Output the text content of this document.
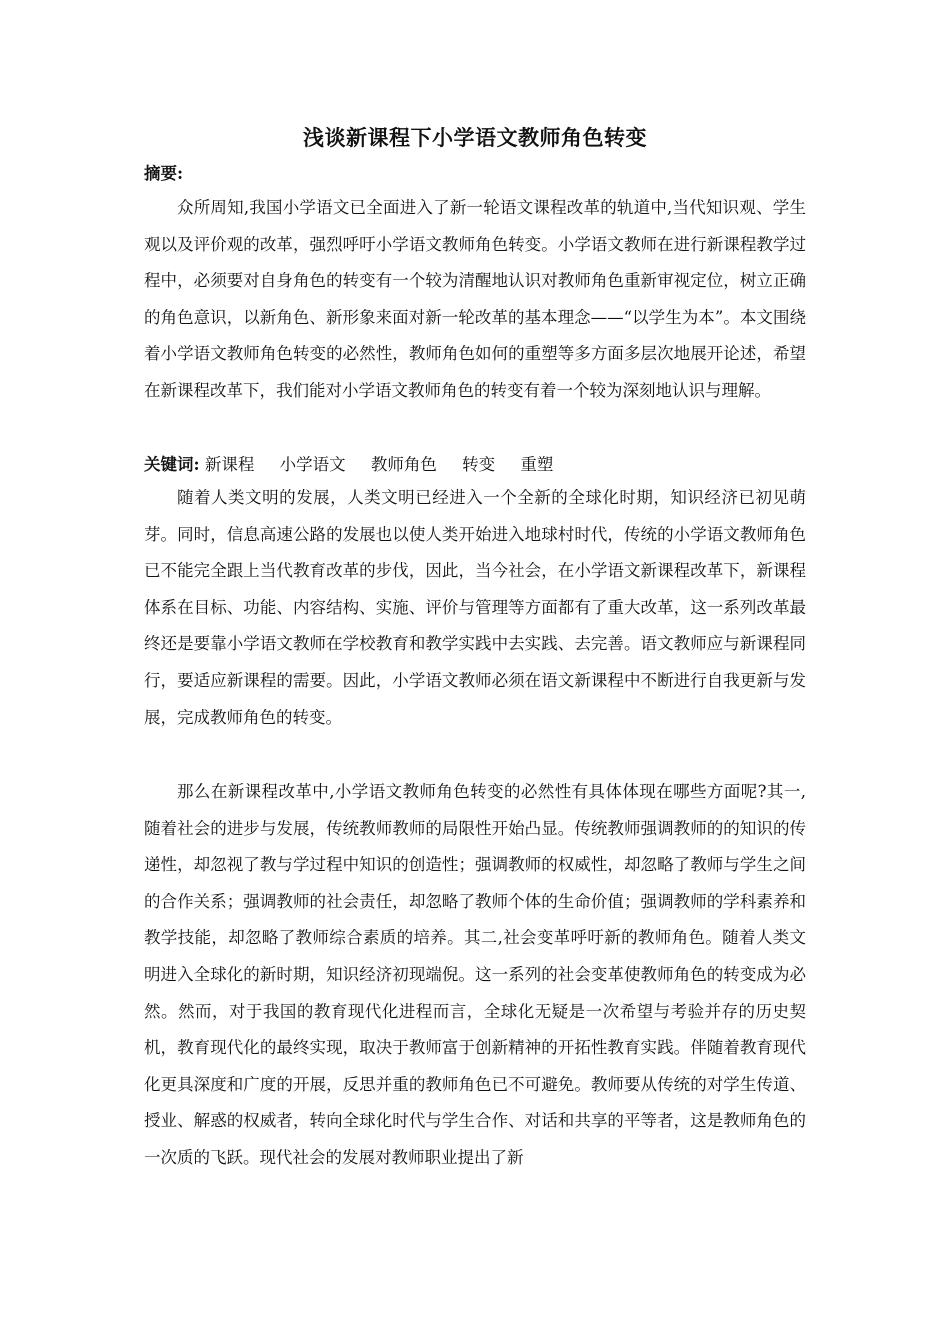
浅谈新课程下小学语文教师角色转变
摘要:

众所周知,我国小学语文已全面进入了新一轮语文课程改革的轨道中,当代知识观、学生观以及评价观的改革，强烈呼吁小学语文教师角色转变。小学语文教师在进行新课程教学过程中，必须要对自身角色的转变有一个较为清醒地认识对教师角色重新审视定位，树立正确的角色意识，以新角色、新形象来面对新一轮改革的基本理念——“以学生为本”。本文围绕着小学语文教师角色转变的必然性，教师角色如何的重塑等多方面多层次地展开论述，希望在新课程改革下，我们能对小学语文教师角色的转变有着一个较为深刻地认识与理解。

关键词: 新课程 小学语文 教师角色 转变 重塑

随着人类文明的发展，人类文明已经进入一个全新的全球化时期，知识经济已初见萌芽。同时，信息高速公路的发展也以使人类开始进入地球村时代，传统的小学语文教师角色已不能完全跟上当代教育改革的步伐，因此，当今社会，在小学语文新课程改革下，新课程体系在目标、功能、内容结构、实施、评价与管理等方面都有了重大改革，这一系列改革最终还是要靠小学语文教师在学校教育和教学实践中去实践、去完善。语文教师应与新课程同行，要适应新课程的需要。因此，小学语文教师必须在语文新课程中不断进行自我更新与发展，完成教师角色的转变。

那么在新课程改革中,小学语文教师角色转变的必然性有具体体现在哪些方面呢?其一,随着社会的进步与发展，传统教师教师的局限性开始凸显。传统教师强调教师的的知识的传递性，却忽视了教与学过程中知识的创造性；强调教师的权威性，却忽略了教师与学生之间的合作关系；强调教师的社会责任，却忽略了教师个体的生命价值；强调教师的学科素养和教学技能，却忽略了教师综合素质的培养。其二,社会变革呼吁新的教师角色。随着人类文明进入全球化的新时期，知识经济初现端倪。这一系列的社会变革使教师角色的转变成为必然。然而，对于我国的教育现代化进程而言，全球化无疑是一次希望与考验并存的历史契机，教育现代化的最终实现，取决于教师富于创新精神的开拓性教育实践。伴随着教育现代化更具深度和广度的开展，反思并重的教师角色已不可避免。教师要从传统的对学生传道、授业、解惑的权威者，转向全球化时代与学生合作、对话和共享的平等者，这是教师角色的一次质的飞跃。现代社会的发展对教师职业提出了新
